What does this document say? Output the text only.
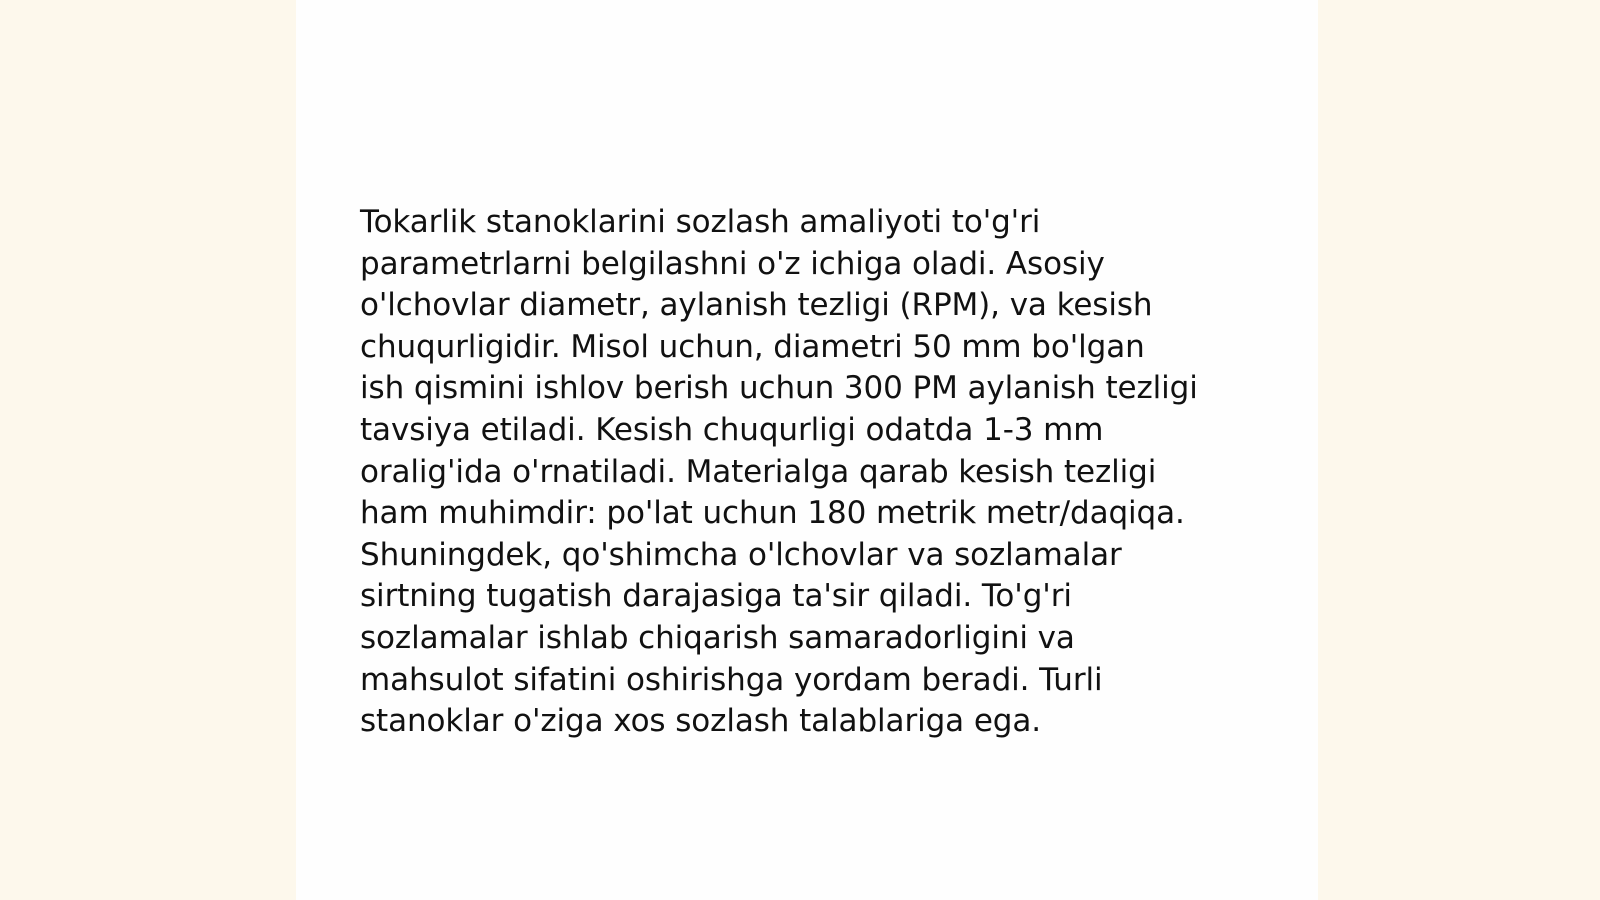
Tokarlik stanoklarini sozlash amaliyoti to'g'ri
parametrlarni belgilashni o'z ichiga oladi. Asosiy
o'lchovlar diametr, aylanish tezligi (RPM), va kesish
chuqurligidir. Misol uchun, diametri 50 mm bo'lgan
ish qismini ishlov berish uchun 300 PM aylanish tezligi
tavsiya etiladi. Kesish chuqurligi odatda 1-3 mm
oralig'ida o'rnatiladi. Materialga qarab kesish tezligi
ham muhimdir: po'lat uchun 180 metrik metr/daqiqa.
Shuningdek, qo'shimcha o'lchovlar va sozlamalar
sirtning tugatish darajasiga ta'sir qiladi. To'g'ri
sozlamalar ishlab chiqarish samaradorligini va
mahsulot sifatini oshirishga yordam beradi. Turli
stanoklar o'ziga xos sozlash talablariga ega.
